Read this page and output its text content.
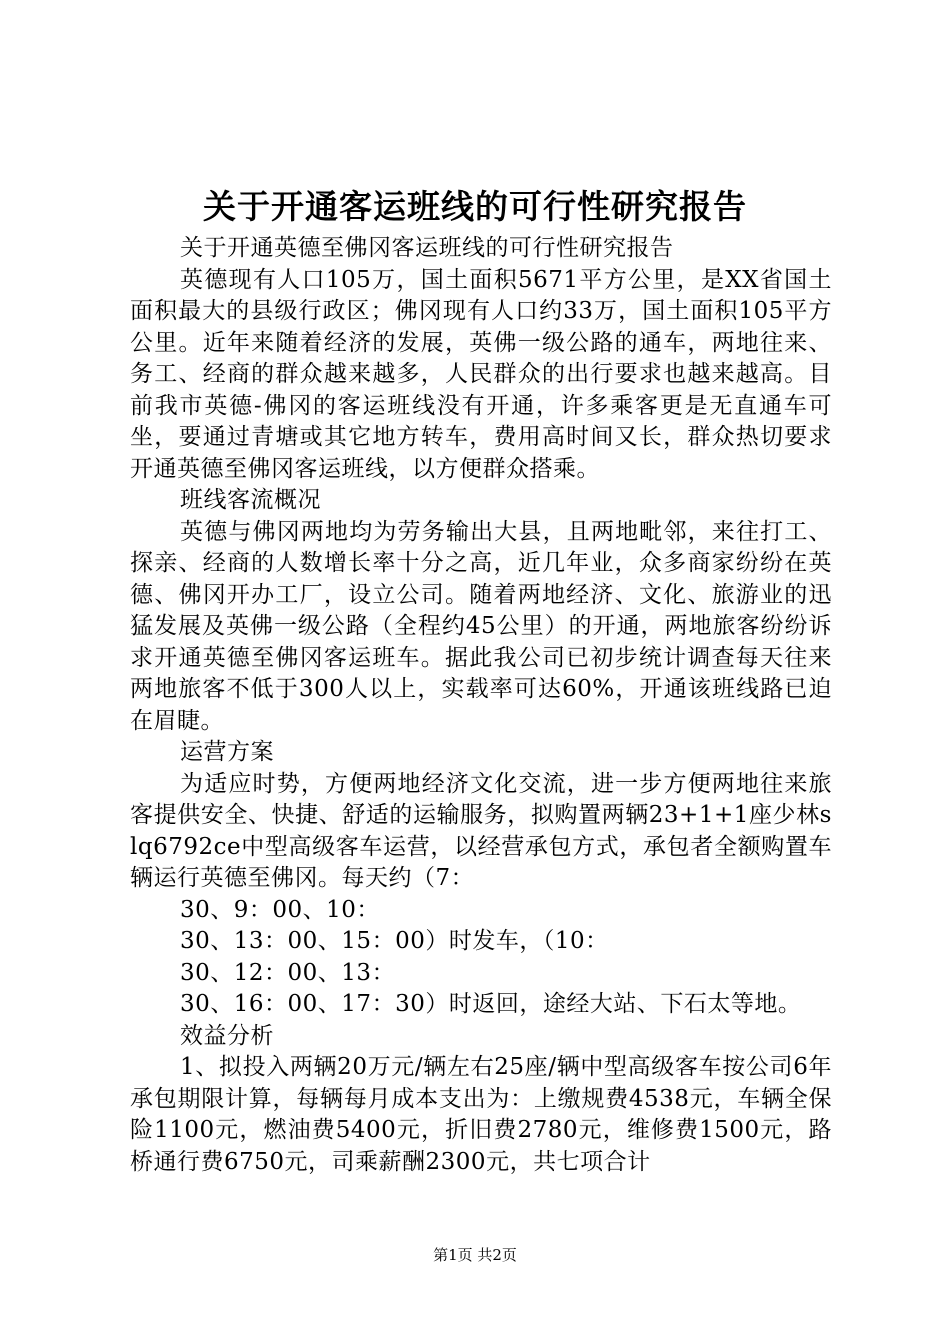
关于开通客运班线的可行性研究报告

关于开通英德至佛冈客运班线的可行性研究报告

英德现有人口105万，国土面积5671平方公里，是XX省国土面积最大的县级行政区；佛冈现有人口约33万，国土面积105平方公里。近年来随着经济的发展，英佛一级公路的通车，两地往来、务工、经商的群众越来越多，人民群众的出行要求也越来越高。目前我市英德-佛冈的客运班线没有开通，许多乘客更是无直通车可坐，要通过青塘或其它地方转车，费用高时间又长，群众热切要求开通英德至佛冈客运班线，以方便群众搭乘。

班线客流概况

英德与佛冈两地均为劳务输出大县，且两地毗邻，来往打工、探亲、经商的人数增长率十分之高，近几年业，众多商家纷纷在英德、佛冈开办工厂，设立公司。随着两地经济、文化、旅游业的迅猛发展及英佛一级公路（全程约45公里）的开通，两地旅客纷纷诉求开通英德至佛冈客运班车。据此我公司已初步统计调查每天往来两地旅客不低于300人以上，实载率可达60%，开通该班线路已迫在眉睫。

运营方案

为适应时势，方便两地经济文化交流，进一步方便两地往来旅客提供安全、快捷、舒适的运输服务，拟购置两辆23+1+1座少林slq6792ce中型高级客车运营，以经营承包方式，承包者全额购置车辆运行英德至佛冈。每天约（7：

30、9：00、10：

30、13：00、15：00）时发车，（10：

30、12：00、13：

30、16：00、17：30）时返回，途经大站、下石太等地。

效益分析

1、拟投入两辆20万元/辆左右25座/辆中型高级客车按公司6年承包期限计算，每辆每月成本支出为：上缴规费4538元，车辆全保险1100元，燃油费5400元，折旧费2780元，维修费1500元，路桥通行费6750元，司乘薪酬2300元，共七项合计

第1页 共2页
